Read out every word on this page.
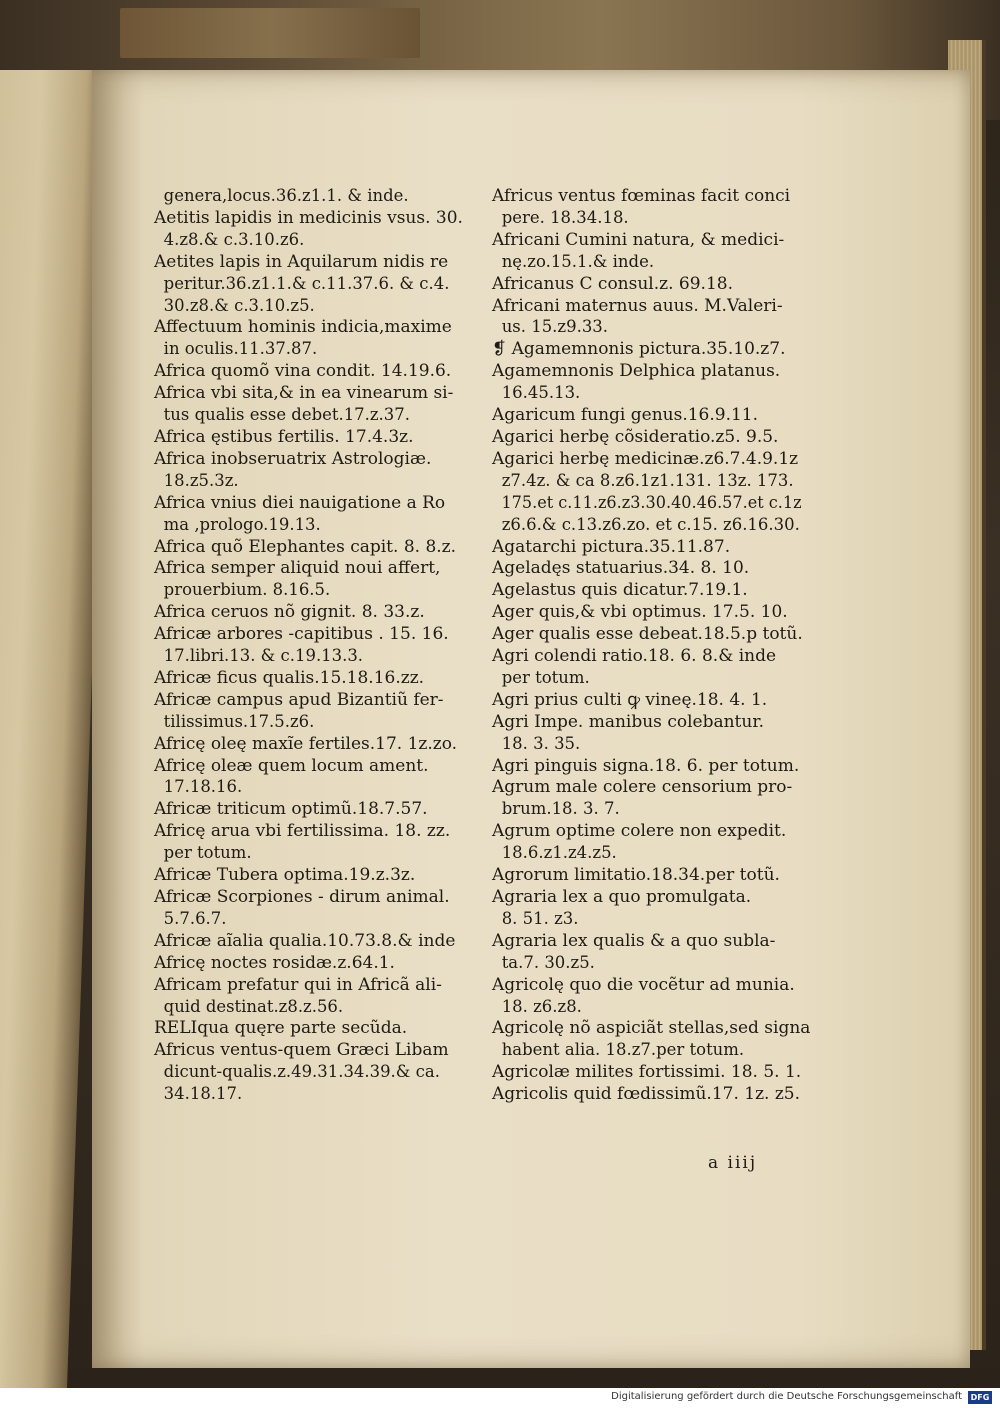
genera,locus.36.z1.1. & inde.
Aetitis lapidis in medicinis vsus. 30.
4.z8.& c.3.10.z6.
Aetites lapis in Aquilarum nidis re
peritur.36.z1.1.& c.11.37.6. & c.4.
30.z8.& c.3.10.z5.
Affectuum hominis indicia,maxime
in oculis.11.37.87.
Africa quomõ vina condit. 14.19.6.
Africa vbi sita,& in ea vinearum si-
tus qualis esse debet.17.z.37.
Africa ęstibus fertilis. 17.4.3z.
Africa inobseruatrix Astrologiæ.
18.z5.3z.
Africa vnius diei nauigatione a Ro
ma ,prologo.19.13.
Africa quõ Elephantes capit. 8. 8.z.
Africa semper aliquid noui affert,
prouerbium. 8.16.5.
Africa ceruos nõ gignit. 8. 33.z.
Africæ arbores -capitibus . 15. 16.
17.libri.13. & c.19.13.3.
Africæ ficus qualis.15.18.16.zz.
Africæ campus apud Bizantiũ fer-
tilissimus.17.5.z6.
Africę oleę maxĩe fertiles.17. 1z.zo.
Africę oleæ quem locum ament.
17.18.16.
Africæ triticum optimũ.18.7.57.
Africę arua vbi fertilissima. 18. zz.
per totum.
Africæ Tubera optima.19.z.3z.
Africæ Scorpiones - dirum animal.
5.7.6.7.
Africæ aĩalia qualia.10.73.8.& inde
Africę noctes rosidæ.z.64.1.
Africam prefatur qui in Africã ali-
quid destinat.z8.z.56.
RELIqua quęre parte secũda.
Africus ventus-quem Græci Libam
dicunt-qualis.z.49.31.34.39.& ca.
34.18.17.
Africus ventus fœminas facit conci
pere. 18.34.18.
Africani Cumini natura, & medici-
nę.zo.15.1.& inde.
Africanus C consul.z. 69.18.
Africani maternus auus. M.Valeri-
us. 15.z9.33.
❡ Agamemnonis pictura.35.10.z7.
Agamemnonis Delphica platanus.
16.45.13.
Agaricum fungi genus.16.9.11.
Agarici herbę cõsideratio.z5. 9.5.
Agarici herbę medicinæ.z6.7.4.9.1z
z7.4z. & ca 8.z6.1z1.131. 13z. 173.
175.et c.11.z6.z3.30.40.46.57.et c.1z
z6.6.& c.13.z6.zo. et c.15. z6.16.30.
Agatarchi pictura.35.11.87.
Ageladęs statuarius.34. 8. 10.
Agelastus quis dicatur.7.19.1.
Ager quis,& vbi optimus. 17.5. 10.
Ager qualis esse debeat.18.5.p totũ.
Agri colendi ratio.18. 6. 8.& inde
per totum.
Agri prius culti ꝙ vineę.18. 4. 1.
Agri Impe. manibus colebantur.
18. 3. 35.
Agri pinguis signa.18. 6. per totum.
Agrum male colere censorium pro-
brum.18. 3. 7.
Agrum optime colere non expedit.
18.6.z1.z4.z5.
Agrorum limitatio.18.34.per totũ.
Agraria lex a quo promulgata.
8. 51. z3.
Agraria lex qualis & a quo subla-
ta.7. 30.z5.
Agricolę quo die vocẽtur ad munia.
18. z6.z8.
Agricolę nõ aspiciãt stellas,sed signa
habent alia. 18.z7.per totum.
Agricolæ milites fortissimi. 18. 5. 1.
Agricolis quid fœdissimũ.17. 1z. z5.
a iiij
Digitalisierung gefördert durch die Deutsche Forschungsgemeinschaft	DFG
